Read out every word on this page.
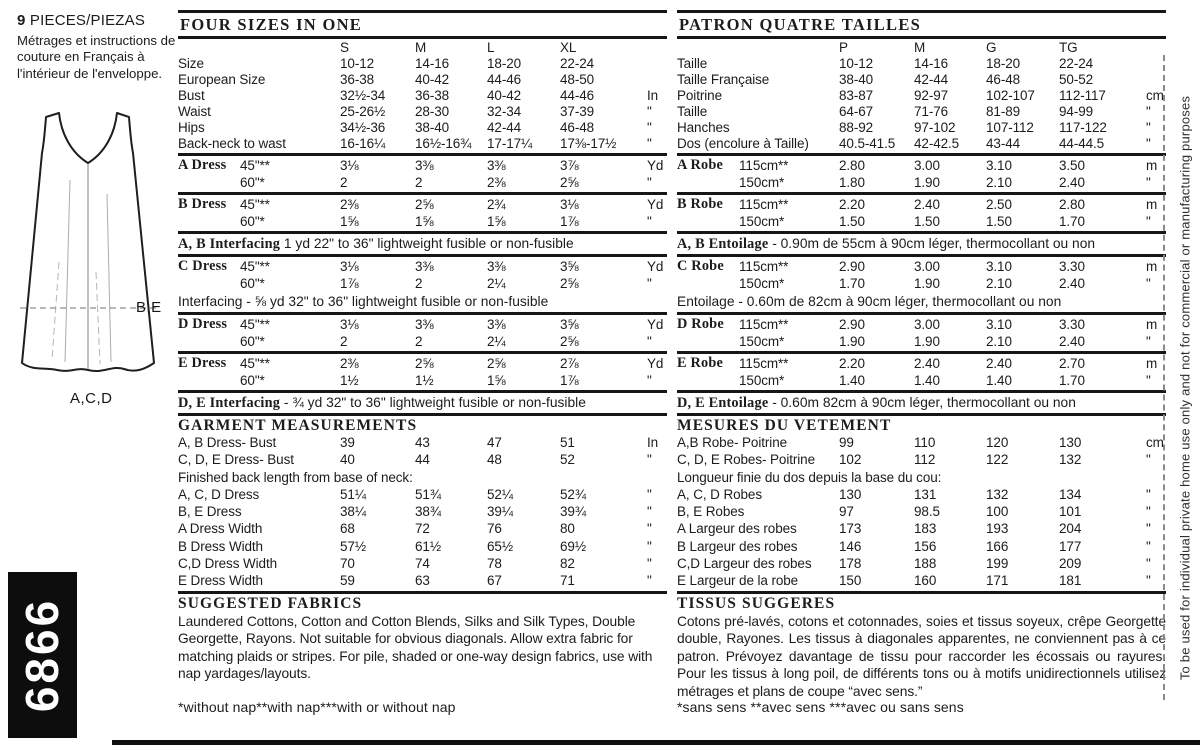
9 PIECES/PIEZAS
Métrages et instructions de couture en Français à l'intérieur de l'enveloppe.
B,E
A,C,D
6866
FOUR SIZES IN ONE
S	M	L	XL
Size	10-12	14-16	18-20	22-24
European Size	36-38	40-42	44-46	48-50
Bust	32½-34	36-38	40-42	44-46	In
Waist	25-26½	28-30	32-34	37-39	"
Hips	34½-36	38-40	42-44	46-48	"
Back-neck to wast	16-16¼	16½-16¾	17-17¼	17⅜-17½	"
A Dress	45"**	3⅛	3⅜	3⅜	3⅞	Yd
60"*	2	2	2⅜	2⅝	"
B Dress	45"**	2⅜	2⅝	2¾	3⅛	Yd
60"*	1⅝	1⅝	1⅝	1⅞	"
A, B Interfacing 1 yd 22" to 36" lightweight fusible or non-fusible
C Dress 45"**	3⅛	3⅜	3⅜	3⅝	Yd
60"*	1⅞	2	2¼	2⅝	"
Interfacing - ⅝ yd 32" to 36" lightweight fusible or non-fusible
D Dress 45"**	3⅛	3⅜	3⅜	3⅝	Yd
60"*	2	2	2¼	2⅝	"
E Dress	45"**	2⅜	2⅝	2⅝	2⅞	Yd
60"*	1½	1½	1⅝	1⅞	"
D, E Interfacing - ¾ yd 32" to 36" lightweight fusible or non-fusible
GARMENT MEASUREMENTS
A, B Dress- Bust	39	43	47	51	In
C, D, E Dress- Bust	40	44	48	52	"
Finished back length from base of neck:
A, C, D Dress	51¼	51¾	52¼	52¾	"
B, E Dress	38¼	38¾	39¼	39¾	"
A Dress Width	68	72	76	80	"
B Dress Width	57½	61½	65½	69½	"
C,D Dress Width	70	74	78	82	"
E Dress Width	59	63	67	71	"
SUGGESTED FABRICS
Laundered Cottons, Cotton and Cotton Blends, Silks and Silk Types, Double Georgette, Rayons. Not suitable for obvious diagonals. Allow extra fabric for matching plaids or stripes. For pile, shaded or one-way design fabrics, use with nap yardages/layouts.
*without nap**with nap***with or without nap
PATRON QUATRE TAILLES
P	M	G	TG
Taille	10-12	14-16	18-20	22-24
Taille Française	38-40	42-44	46-48	50-52
Poitrine	83-87	92-97	102-107	112-117	cm
Taille	64-67	71-76	81-89	94-99	"
Hanches	88-92	97-102	107-112	117-122	"
Dos (encolure à Taille)	40.5-41.5	42-42.5	43-44	44-44.5	"
A Robe	115cm**	2.80	3.00	3.10	3.50	m
150cm*	1.80	1.90	2.10	2.40	"
B Robe	115cm**	2.20	2.40	2.50	2.80	m
150cm*	1.50	1.50	1.50	1.70	"
A, B Entoilage - 0.90m de 55cm à 90cm léger, thermocollant ou non
C Robe	115cm**	2.90	3.00	3.10	3.30	m
150cm*	1.70	1.90	2.10	2.40	"
Entoilage - 0.60m de 82cm à 90cm léger, thermocollant ou non
D Robe	115cm**	2.90	3.00	3.10	3.30	m
150cm*	1.90	1.90	2.10	2.40	"
E Robe	115cm**	2.20	2.40	2.40	2.70	m
150cm*	1.40	1.40	1.40	1.70	"
D, E Entoilage - 0.60m 82cm à 90cm léger, thermocollant ou non
MESURES DU VETEMENT
A,B Robe- Poitrine	99	110	120	130	cm
C, D, E Robes- Poitrine	102	112	122	132	"
Longueur finie du dos depuis la base du cou:
A, C, D Robes	130	131	132	134	"
B, E Robes	97	98.5	100	101	"
A Largeur des robes	173	183	193	204	"
B Largeur des robes	146	156	166	177	"
C,D Largeur des robes	178	188	199	209	"
E Largeur de la robe	150	160	171	181	"
TISSUS SUGGERES
Cotons pré-lavés, cotons et cotonnades, soies et tissus soyeux, crêpe Georgette double, Rayones. Les tissus à diagonales apparentes, ne conviennent pas à ce patron. Prévoyez davantage de tissu pour raccorder les écossais ou rayures. Pour les tissus à long poil, de différents tons ou à motifs unidirectionnels utilisez métrages et plans de coupe “avec sens.”
*sans sens **avec sens ***avec ou sans sens
To be used for individual private home use only and not for commercial or manufacturing purposes
